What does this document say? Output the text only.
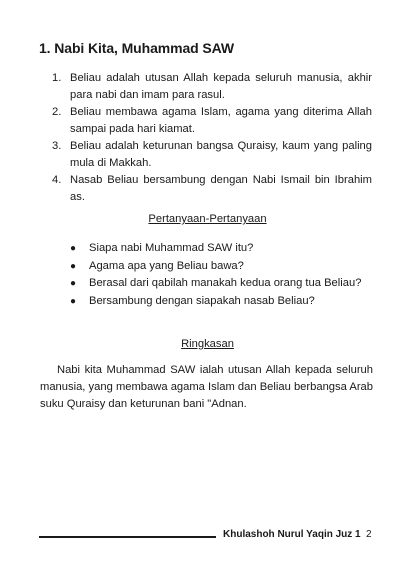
1. Nabi Kita, Muhammad SAW
1. Beliau adalah utusan Allah kepada seluruh manusia, akhir para nabi dan imam para rasul.
2. Beliau membawa agama Islam, agama yang diterima Allah sampai pada hari kiamat.
3. Beliau adalah keturunan bangsa Quraisy, kaum yang paling mula di Makkah.
4. Nasab Beliau bersambung dengan Nabi Ismail bin Ibrahim as.
Pertanyaan-Pertanyaan
●	Siapa nabi Muhammad SAW itu?
●	Agama apa yang Beliau bawa?
●	Berasal dari qabilah manakah kedua orang tua Beliau?
●	Bersambung dengan siapakah nasab Beliau?
Ringkasan

Nabi kita Muhammad SAW ialah utusan Allah kepada seluruh manusia, yang membawa agama Islam dan Beliau berbangsa Arab suku Quraisy dan keturunan bani "Adnan.

Khulashoh Nurul Yaqin Juz 1 2
